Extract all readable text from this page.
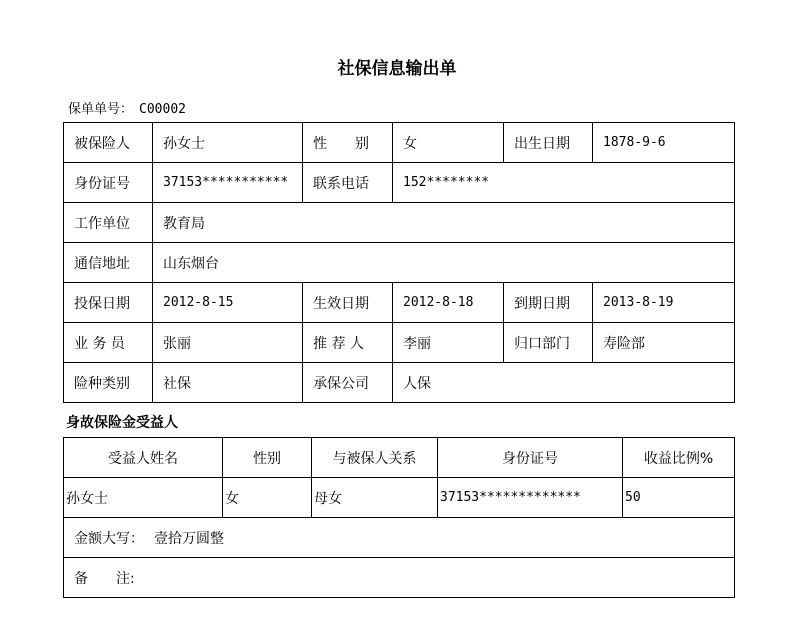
社保信息输出单
保单单号： C00002
被保险人	孙女士	性　　别	女	出生日期	1878-9-6
身份证号	37153***********	联系电话	152********		
工作单位	教育局				
通信地址	山东烟台				
投保日期	2012-8-15	生效日期	2012-8-18	到期日期	2013-8-19
业 务 员	张丽	推 荐 人	李丽	归口部门	寿险部
险种类别	社保	承保公司	人保		
身故保险金受益人
受益人姓名	性别	与被保人关系	身份证号	收益比例%
孙女士	女	母女	37153*************	50
金额大写： 壹拾万圆整				
备　　注:				
